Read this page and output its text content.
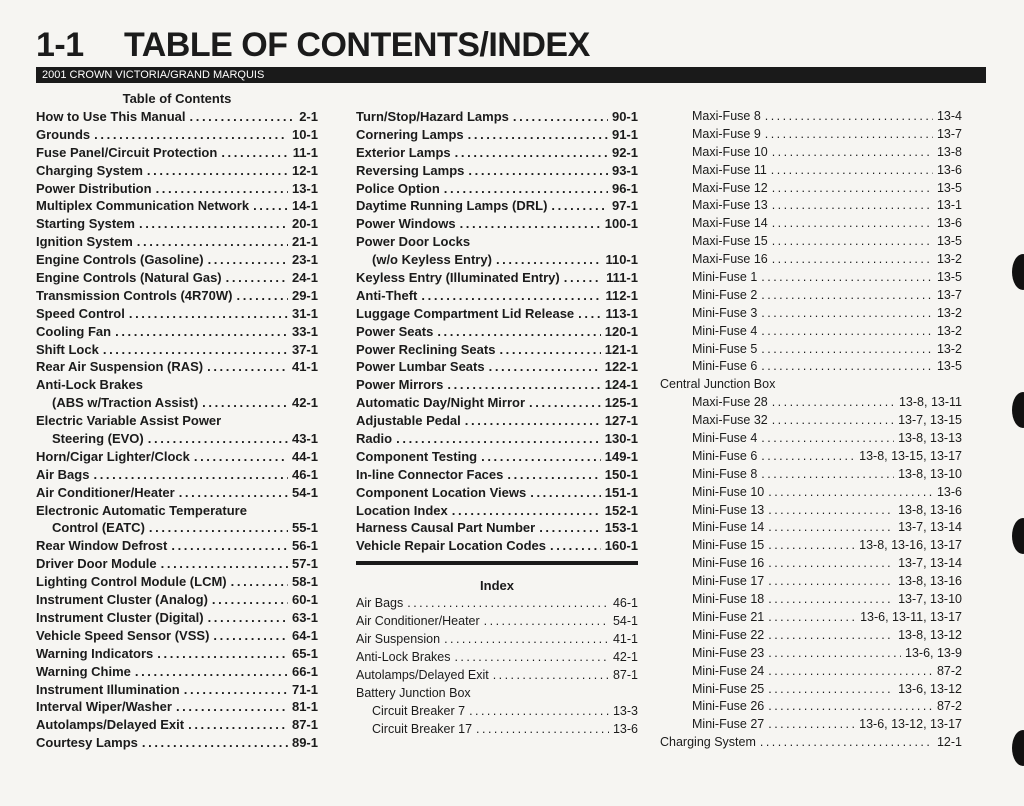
1-1	TABLE OF CONTENTS/INDEX
2001 CROWN VICTORIA/GRAND MARQUIS
Table of Contents
How to Use This Manual . . .	2-1
Grounds . . .	10-1
Fuse Panel/Circuit Protection . . .	11-1
Charging System . . .	12-1
Power Distribution . . .	13-1
Multiplex Communication Network . . .	14-1
Starting System . . .	20-1
Ignition System . . .	21-1
Engine Controls (Gasoline) . . .	23-1
Engine Controls (Natural Gas) . . .	24-1
Transmission Controls (4R70W) . . .	29-1
Speed Control . . .	31-1
Cooling Fan . . .	33-1
Shift Lock . . .	37-1
Rear Air Suspension (RAS) . . .	41-1
Anti-Lock Brakes
(ABS w/Traction Assist) . . .	42-1
Electric Variable Assist Power
Steering (EVO) . . .	43-1
Horn/Cigar Lighter/Clock . . .	44-1
Air Bags . . .	46-1
Air Conditioner/Heater . . .	54-1
Electronic Automatic Temperature
Control (EATC) . . .	55-1
Rear Window Defrost . . .	56-1
Driver Door Module . . .	57-1
Lighting Control Module (LCM) . . .	58-1
Instrument Cluster (Analog) . . .	60-1
Instrument Cluster (Digital) . . .	63-1
Vehicle Speed Sensor (VSS) . . .	64-1
Warning Indicators . . .	65-1
Warning Chime . . .	66-1
Instrument Illumination . . .	71-1
Interval Wiper/Washer . . .	81-1
Autolamps/Delayed Exit . . .	87-1
Courtesy Lamps . . .	89-1
Turn/Stop/Hazard Lamps . . .	90-1
Cornering Lamps . . .	91-1
Exterior Lamps . . .	92-1
Reversing Lamps . . .	93-1
Police Option . . .	96-1
Daytime Running Lamps (DRL) . . .	97-1
Power Windows . . .	100-1
Power Door Locks
(w/o Keyless Entry) . . .	110-1
Keyless Entry (Illuminated Entry) . . .	111-1
Anti-Theft . . .	112-1
Luggage Compartment Lid Release . . . 113-1
Power Seats . . .	120-1
Power Reclining Seats . . .	121-1
Power Lumbar Seats . . .	122-1
Power Mirrors . . .	124-1
Automatic Day/Night Mirror . . .	125-1
Adjustable Pedal . . .	127-1
Radio . . .	130-1
Component Testing . . .	149-1
In-line Connector Faces . . .	150-1
Component Location Views . . .	151-1
Location Index . . .	152-1
Harness Causal Part Number . . .	153-1
Vehicle Repair Location Codes . . .	160-1
Index
Air Bags . . .	46-1
Air Conditioner/Heater . . .	54-1
Air Suspension . . .	41-1
Anti-Lock Brakes . . .	42-1
Autolamps/Delayed Exit . . .	87-1
Battery Junction Box
Circuit Breaker 7 . . .	13-3
Circuit Breaker 17 . . .	13-6
Maxi-Fuse 8 . . .	13-4
Maxi-Fuse 9 . . .	13-7
Maxi-Fuse 10 . . .	13-8
Maxi-Fuse 11 . . .	13-6
Maxi-Fuse 12 . . .	13-5
Maxi-Fuse 13 . . .	13-1
Maxi-Fuse 14 . . .	13-6
Maxi-Fuse 15 . . .	13-5
Maxi-Fuse 16 . . .	13-2
Mini-Fuse 1 . . .	13-5
Mini-Fuse 2 . . .	13-7
Mini-Fuse 3 . . .	13-2
Mini-Fuse 4 . . .	13-2
Mini-Fuse 5 . . .	13-2
Mini-Fuse 6 . . .	13-5
Central Junction Box
Maxi-Fuse 28 . . .	13-8, 13-11
Maxi-Fuse 32 . . .	13-7, 13-15
Mini-Fuse 4 . . .	13-8, 13-13
Mini-Fuse 6 . . .	13-8, 13-15, 13-17
Mini-Fuse 8 . . .	13-8, 13-10
Mini-Fuse 10 . . .	13-6
Mini-Fuse 13 . . .	13-8, 13-16
Mini-Fuse 14 . . .	13-7, 13-14
Mini-Fuse 15 . . .	13-8, 13-16, 13-17
Mini-Fuse 16 . . .	13-7, 13-14
Mini-Fuse 17 . . .	13-8, 13-16
Mini-Fuse 18 . . .	13-7, 13-10
Mini-Fuse 21 . . .	13-6, 13-11, 13-17
Mini-Fuse 22 . . .	13-8, 13-12
Mini-Fuse 23 . . .	13-6, 13-9
Mini-Fuse 24 . . .	87-2
Mini-Fuse 25 . . .	13-6, 13-12
Mini-Fuse 26 . . .	87-2
Mini-Fuse 27 . . .	13-6, 13-12, 13-17
Charging System . . .	12-1
